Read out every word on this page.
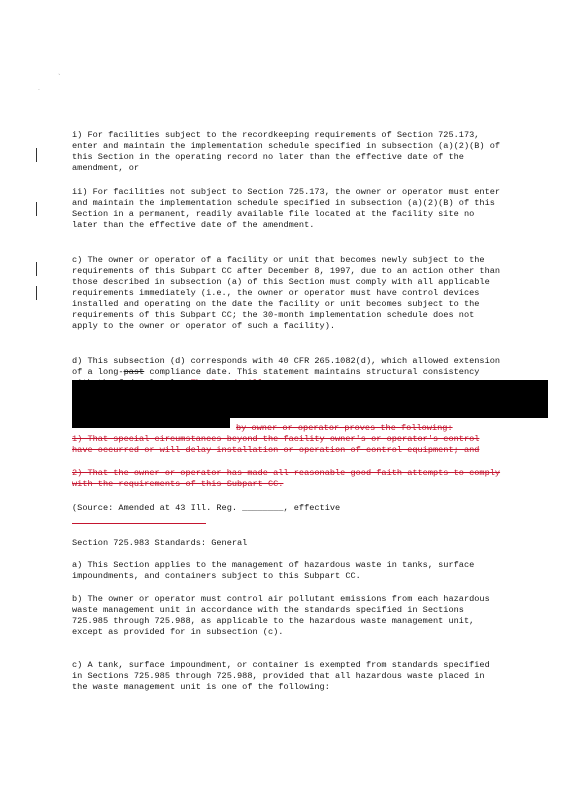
.
`
i) For facilities subject to the recordkeeping requirements of Section 725.173, enter and maintain the implementation schedule specified in subsection (a)(2)(B) of this Section in the operating record no later than the effective date of the amendment, or
ii) For facilities not subject to Section 725.173, the owner or operator must enter and maintain the implementation schedule specified in subsection (a)(2)(B) of this Section in a permanent, readily available file located at the facility site no later than the effective date of the amendment.
c) The owner or operator of a facility or unit that becomes newly subject to the requirements of this Subpart CC after December 8, 1997, due to an action other than those described in subsection (a) of this Section must comply with all applicable requirements immediately (i.e., the owner or operator must have control devices installed and operating on the date the facility or unit becomes subject to the requirements of this Subpart CC; the 30-month implementation schedule does not apply to the owner or operator of such a facility).
d) This subsection (d) corresponds with 40 CFR 265.1082(d), which allowed extension of a long-past compliance date. This statement maintains structural consistency
by owner or operator proves the following:
1) That special circumstances beyond the facility owner's or operator's control have occurred or will delay installation or operation of control equipment; and
2) That the owner or operator has made all reasonable good faith attempts to comply with the requirements of this Subpart CC.
(Source: Amended at 43 Ill. Reg. ________, effective
Section 725.983 Standards: General
a) This Section applies to the management of hazardous waste in tanks, surface impoundments, and containers subject to this Subpart CC.
b) The owner or operator must control air pollutant emissions from each hazardous waste management unit in accordance with the standards specified in Sections 725.985 through 725.988, as applicable to the hazardous waste management unit, except as provided for in subsection (c).
c) A tank, surface impoundment, or container is exempted from standards specified in Sections 725.985 through 725.988, provided that all hazardous waste placed in the waste management unit is one of the following:
